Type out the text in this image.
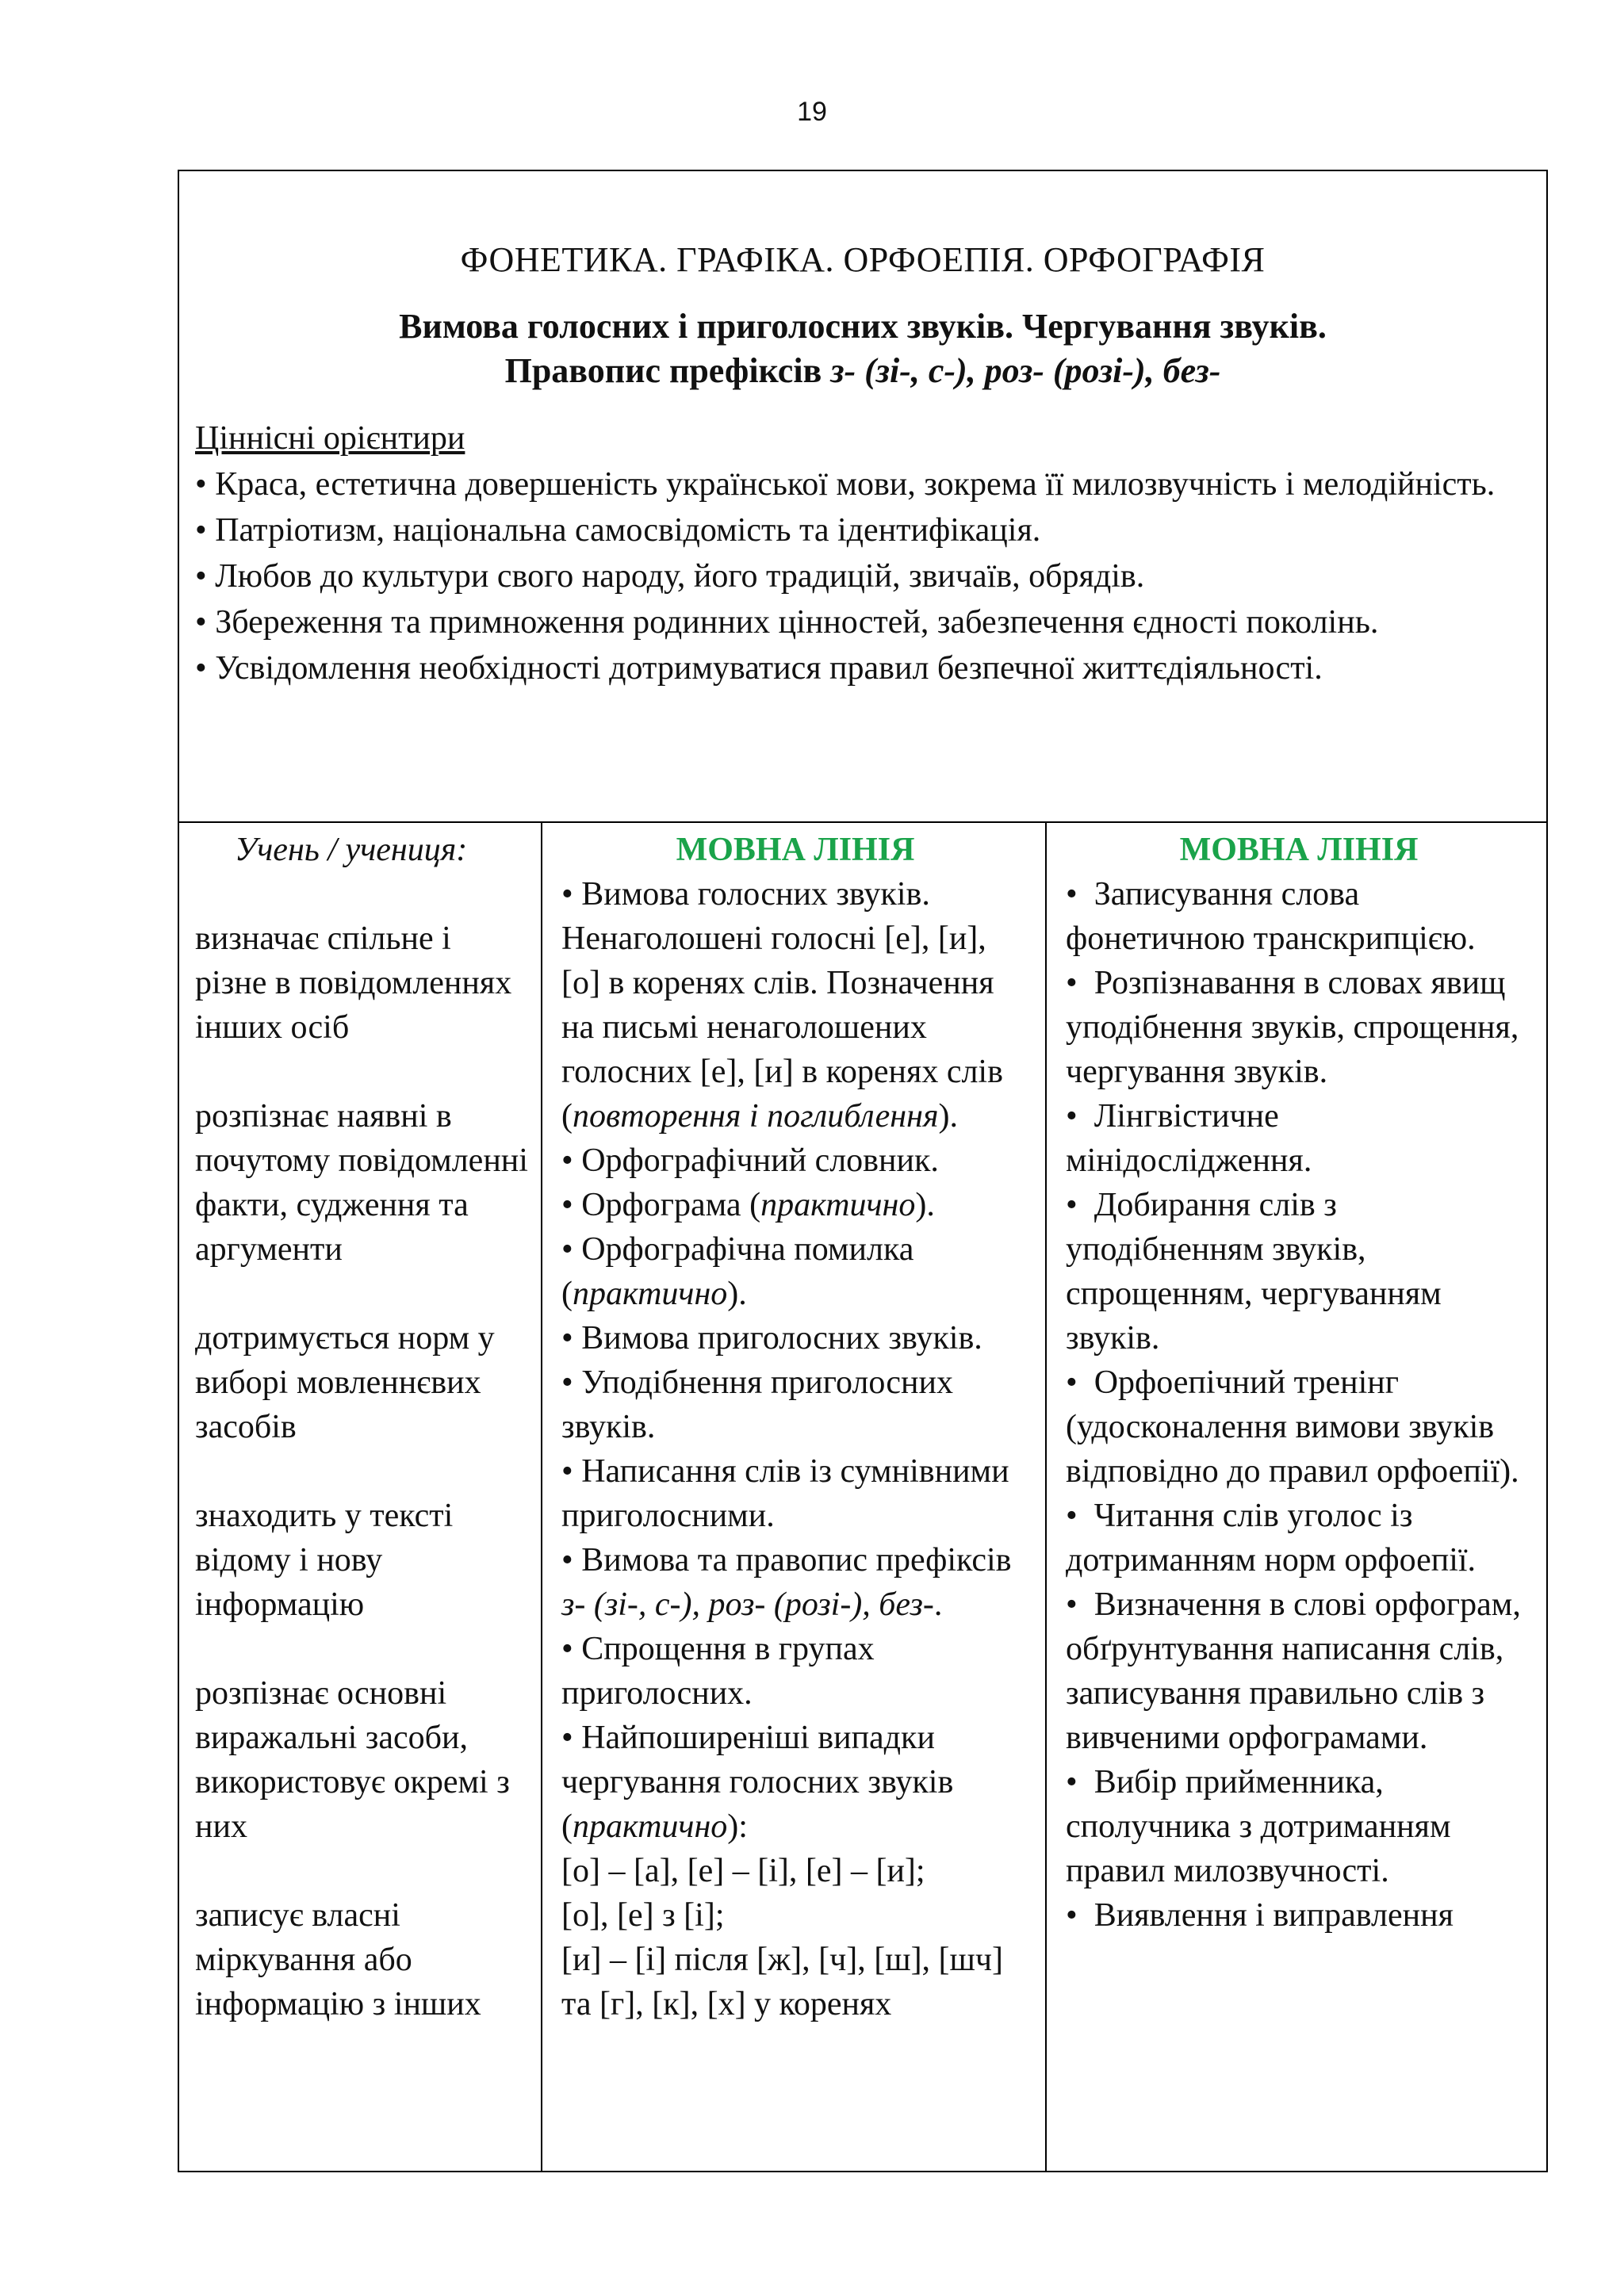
19
ФОНЕТИКА. ГРАФІКА. ОРФОЕПІЯ. ОРФОГРАФІЯ
Вимова голосних і приголосних звуків. Чергування звуків.
Правопис префіксів з- (зі-, с-), роз- (розі-), без-

Ціннісні орієнтири

• Краса, естетична довершеність української мови, зокрема її милозвучність і мелодійність.

• Патріотизм, національна самосвідомість та ідентифікація.

• Любов до культури свого народу, його традицій, звичаїв, обрядів.

• Збереження та примноження родинних цінностей, забезпечення єдності поколінь.

• Усвідомлення необхідності дотримуватися правил безпечної життєдіяльності.

Учень / учениця:

визначає спільне і різне в повідомленнях інших осіб

розпізнає наявні в почутому повідомленні факти, судження та аргументи

дотримується норм у виборі мовленнєвих засобів

знаходить у тексті відому і нову інформацію

розпізнає основні виражальні засоби, використовує окремі з них

записує власні міркування або інформацію з інших

МОВНА ЛІНІЯ

• Вимова голосних звуків. Ненаголошені голосні [е], [и], [о] в коренях слів. Позначення на письмі ненаголошених голосних [е], [и] в коренях слів (повторення і поглиблення).

• Орфографічний словник.

• Орфограма (практично).

• Орфографічна помилка (практично).

• Вимова приголосних звуків.

• Уподібнення приголосних звуків.

• Написання слів із сумнівними приголосними.

• Вимова та правопис префіксів з- (зі-, с-), роз- (розі-), без-.

• Спрощення в групах приголосних.

• Найпоширеніші випадки чергування голосних звуків (практично):

[о] – [а], [е] – [і], [е] – [и];

[о], [е] з [і];

[и] – [і] після [ж], [ч], [ш], [шч] та [г], [к], [х] у коренях

МОВНА ЛІНІЯ

•  Записування слова фонетичною транскрипцією.

•  Розпізнавання в словах явищ уподібнення звуків, спрощення, чергування звуків.

•  Лінгвістичне мінідослідження.

•  Добирання слів з уподібненням звуків, спрощенням, чергуванням звуків.

•  Орфоепічний тренінг (удосконалення вимови звуків відповідно до правил орфоепії).

•  Читання слів уголос із дотриманням норм орфоепії.

•  Визначення в слові орфограм, обґрунтування написання слів, записування правильно слів з вивченими орфограмами.

•  Вибір прийменника, сполучника з дотриманням правил милозвучності.

•  Виявлення і виправлення
